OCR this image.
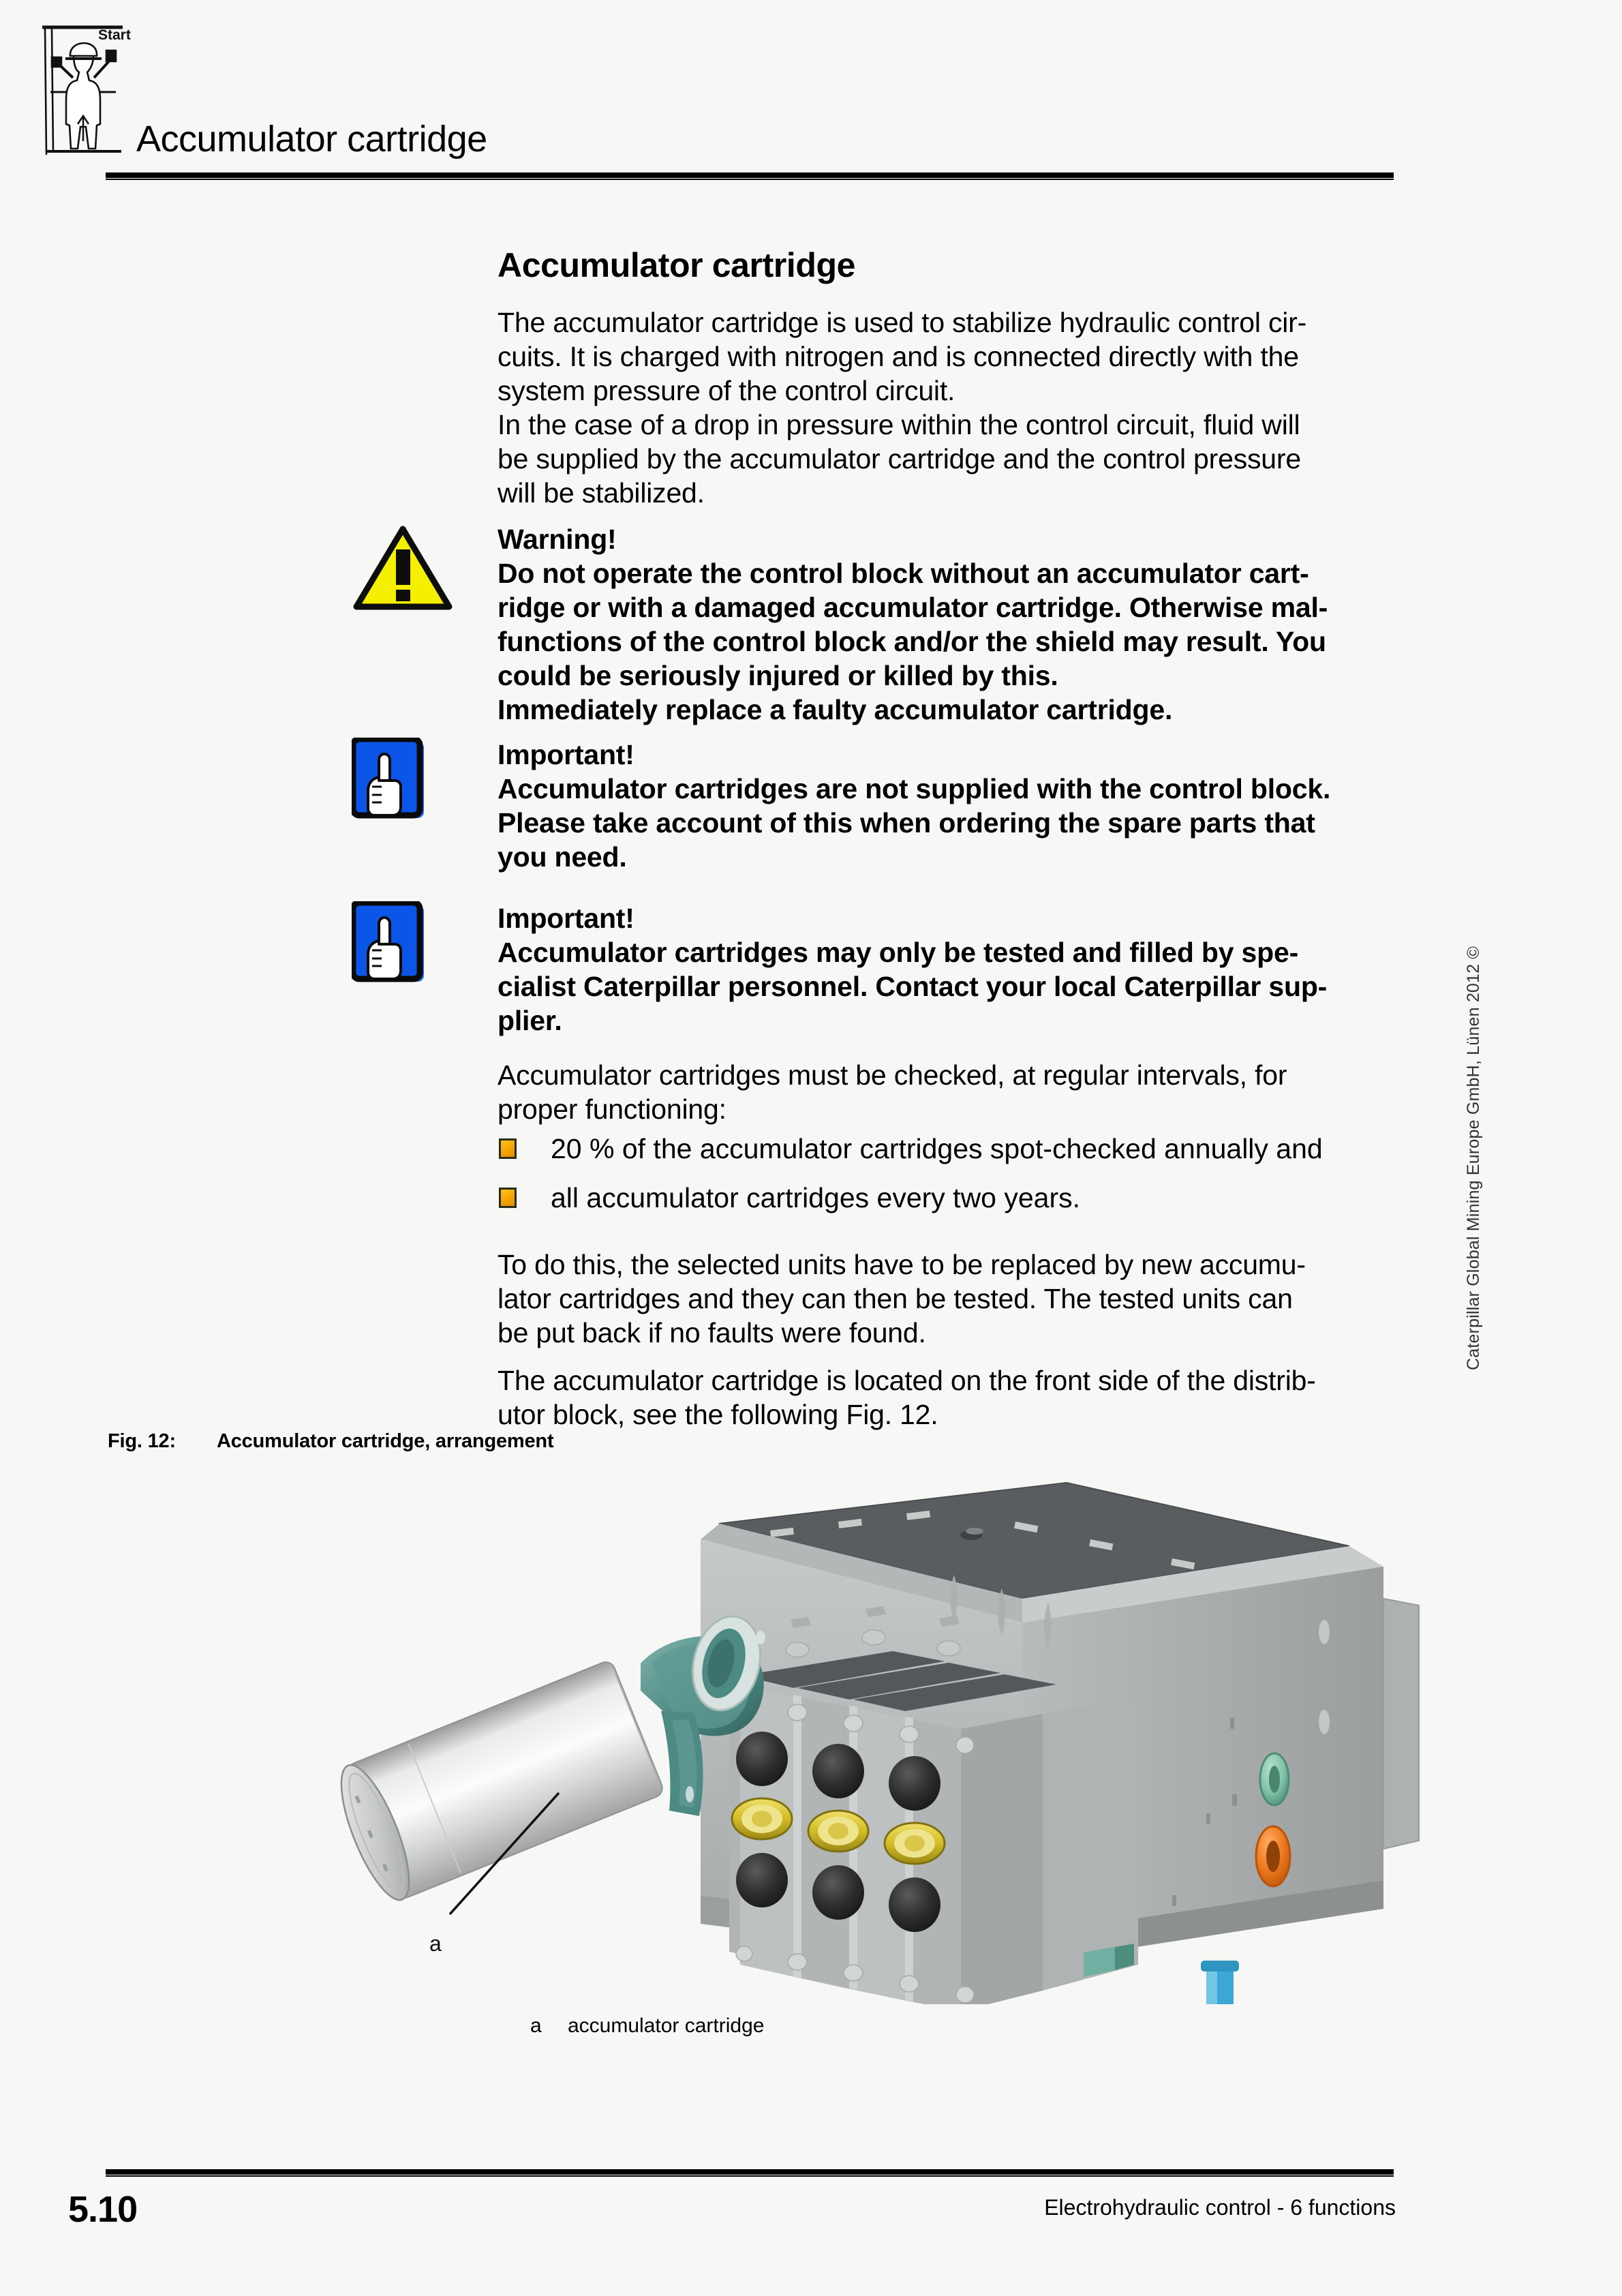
Start
Accumulator cartridge
Accumulator cartridge
The accumulator cartridge is used to stabilize hydraulic control cir-
cuits. It is charged with nitrogen and is connected directly with the
system pressure of the control circuit.
In the case of a drop in pressure within the control circuit, fluid will
be supplied by the accumulator cartridge and the control pressure
will be stabilized.
Warning!
Do not operate the control block without an accumulator cart-
ridge or with a damaged accumulator cartridge. Otherwise mal-
functions of the control block and/or the shield may result. You
could be seriously injured or killed by this.
Immediately replace a faulty accumulator cartridge.
Important!
Accumulator cartridges are not supplied with the control block.
Please take account of this when ordering the spare parts that
you need.
Important!
Accumulator cartridges may only be tested and filled by spe-
cialist Caterpillar personnel. Contact your local Caterpillar sup-
plier.
Accumulator cartridges must be checked, at regular intervals, for
proper functioning:
20 % of the accumulator cartridges spot-checked annually and
all accumulator cartridges every two years.
To do this, the selected units have to be replaced by new accumu-
lator cartridges and they can then be tested. The tested units can
be put back if no faults were found.
The accumulator cartridge is located on the front side of the distrib-
utor block, see the following Fig. 12.
Caterpillar Global Mining Europe GmbH, Lünen 2012 ©
Fig. 12: Accumulator cartridge, arrangement
a
a accumulator cartridge
5.10	Electrohydraulic control - 6 functions
